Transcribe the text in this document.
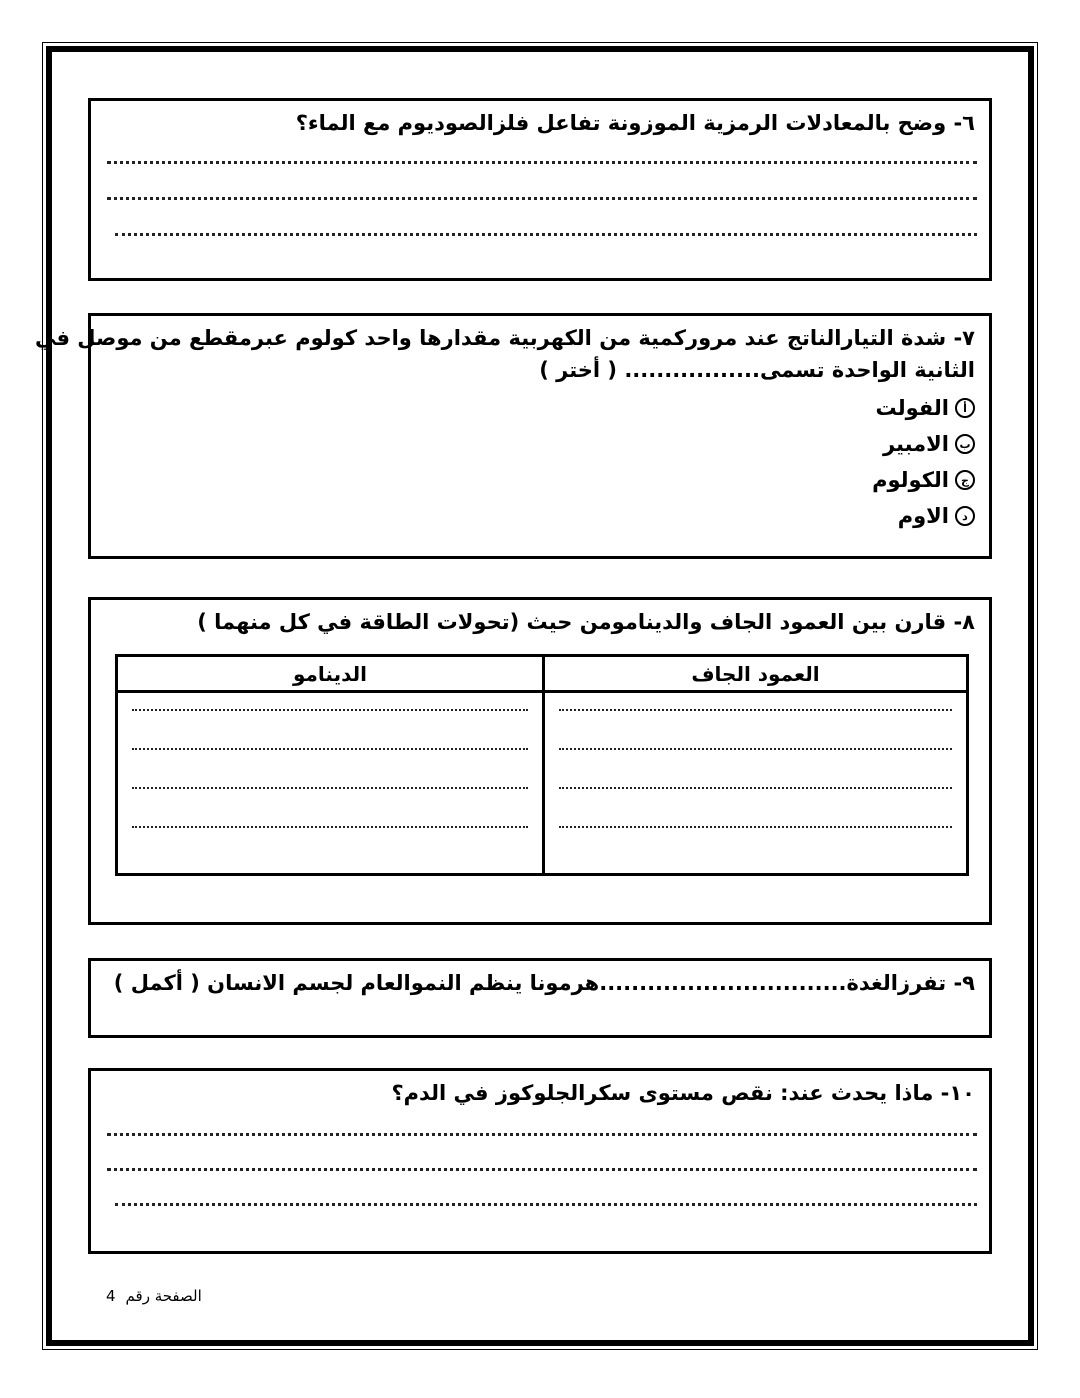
٦- وضح بالمعادلات الرمزية الموزونة تفاعل فلزالصوديوم مع الماء؟
٧- شدة التيارالناتج عند مروركمية من الكهربية مقدارها واحد كولوم عبرمقطع من موصل في
الثانية الواحدة تسمى................. ( أختر )
أ
الفولت
ب
الامبير
ج
الكولوم
د
الاوم
٨- قارن بين العمود الجاف والدينامومن حيث (تحولات الطاقة في كل منهما )
العمود الجاف
الدينامو
٩- تفرزالغدة...............................هرمونا ينظم النموالعام لجسم الانسان ( أكمل )
١٠- ماذا يحدث عند: نقص مستوى سكرالجلوكوز في الدم؟
الصفحة رقم4
